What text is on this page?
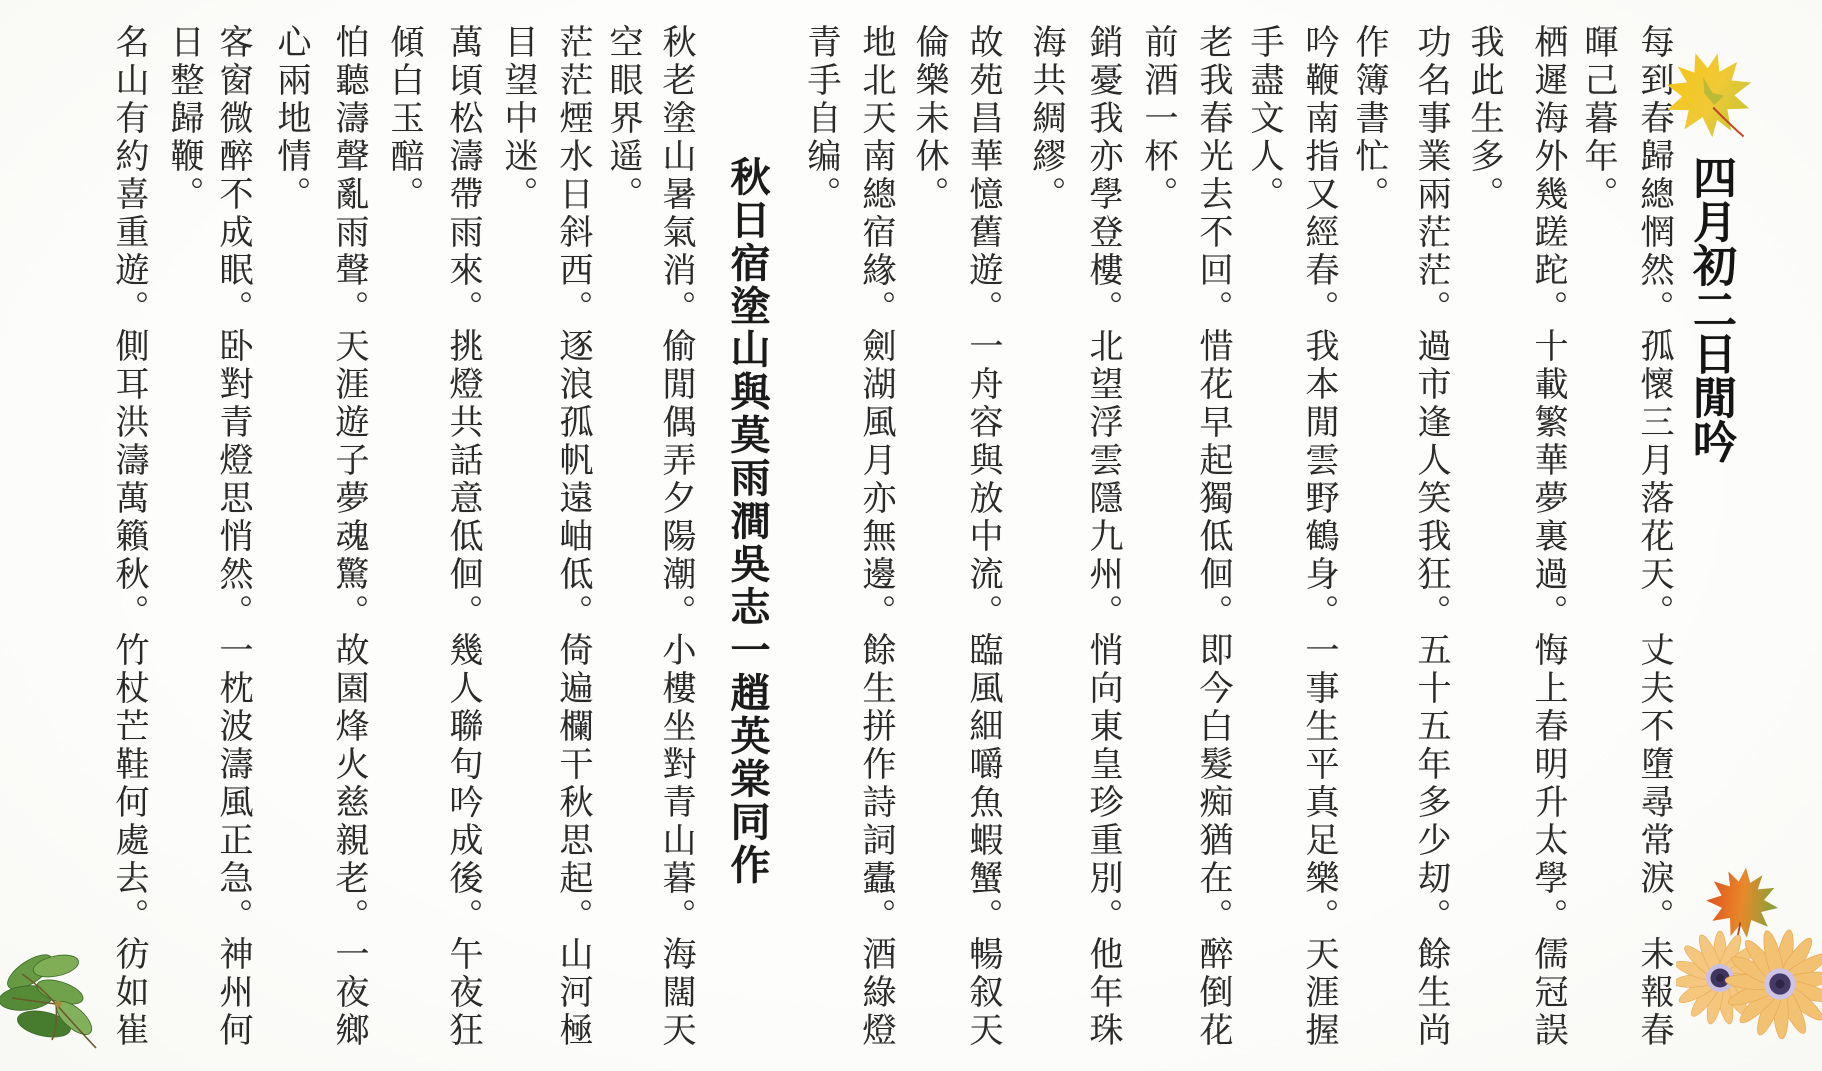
四月初二日閒吟
每到春歸總惘然。孤懷三月落花天。丈夫不墮尋常淚。未報春
暉己暮年。
栖遲海外幾蹉跎。十載繁華夢裏過。悔上春明升太學。儒冠誤
我此生多。
功名事業兩茫茫。過市逢人笑我狂。五十五年多少刧。餘生尚
作簿書忙。
吟鞭南指又經春。我本閒雲野鶴身。一事生平真足樂。天涯握
手盡文人。
老我春光去不回。惜花早起獨低佪。即今白髮痴猶在。醉倒花
前酒一杯。
銷憂我亦學登樓。北望浮雲隱九州。悄向東皇珍重別。他年珠
海共綢繆。
故苑昌華憶舊遊。一舟容與放中流。臨風細嚼魚蝦蟹。暢叙天
倫樂未休。
地北天南總宿緣。劍湖風月亦無邊。餘生拼作詩詞蠹。酒綠燈
青手自编。
秋日宿塗山與莫雨澗吳志一趙英棠同作
秋老塗山暑氣消。偷閒偶弄夕陽潮。小樓坐對青山暮。海闊天
空眼界遥。
茫茫煙水日斜西。逐浪孤帆遠岫低。倚遍欄干秋思起。山河極
目望中迷。
萬頃松濤帶雨來。挑燈共話意低佪。幾人聯句吟成後。午夜狂
傾白玉醅。
怕聽濤聲亂雨聲。天涯遊子夢魂驚。故園烽火慈親老。一夜鄉
心兩地情。
客窗微醉不成眠。卧對青燈思悄然。一枕波濤風正急。神州何
日整歸鞭。
名山有約喜重遊。側耳洪濤萬籟秋。竹杖芒鞋何處去。彷如崔
